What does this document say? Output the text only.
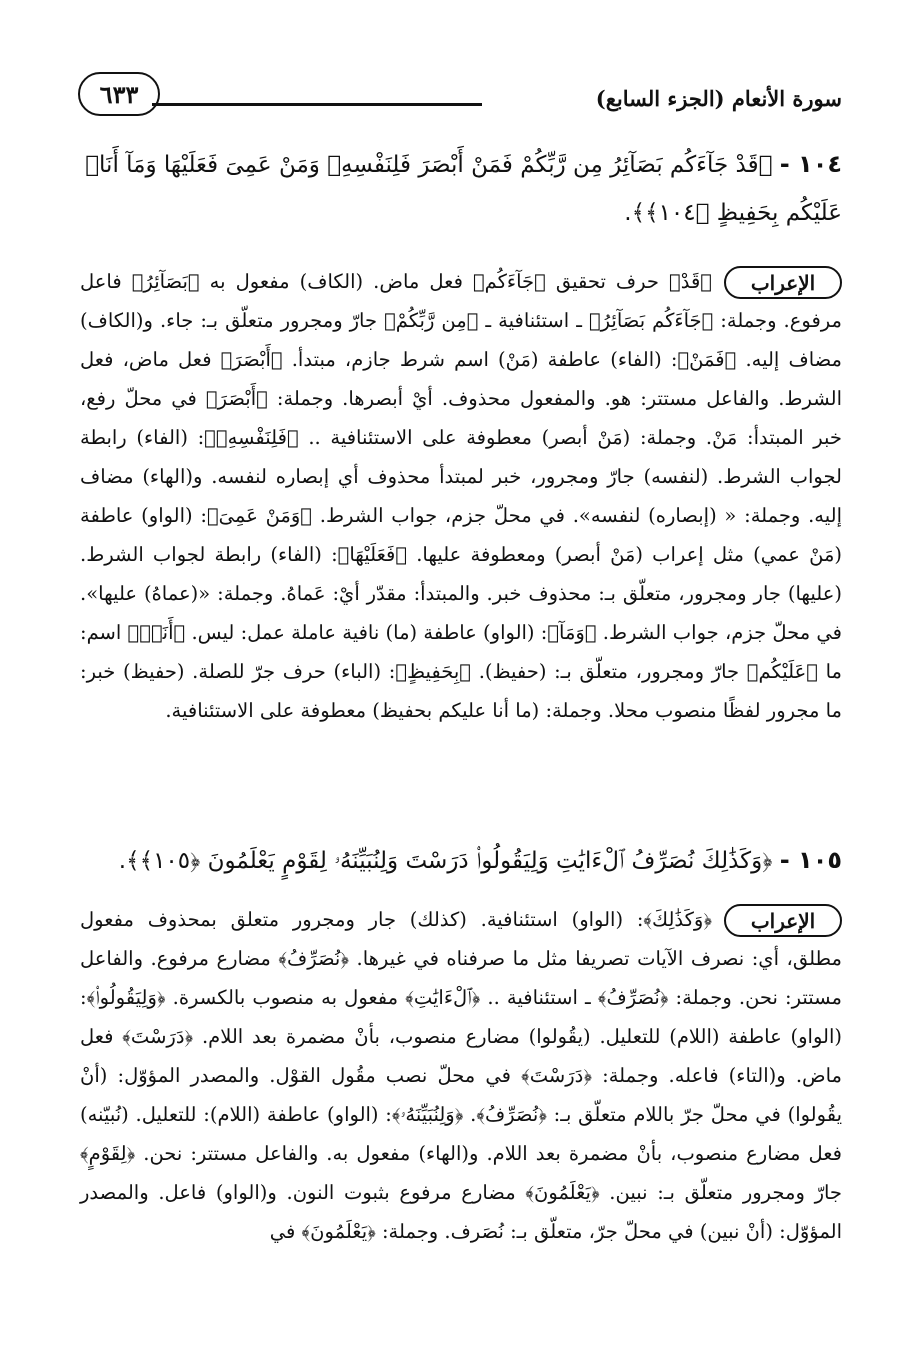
سورة الأنعام (الجزء السابع)
٦٣٣
١٠٤ - ﴿قَدْ جَآءَكُم بَصَآئِرُ مِن رَّبِّكُمْ فَمَنْ أَبْصَرَ فَلِنَفْسِهِۦ وَمَنْ عَمِىَ فَعَلَيْهَا وَمَآ أَنَا۠ عَلَيْكُم بِحَفِيظٍ ﴿١٠٤﴾﴾.
الإعراب
﴿قَدْ﴾ حرف تحقيق ﴿جَآءَكُم﴾ فعل ماض. (الكاف) مفعول به ﴿بَصَآئِرُ﴾ فاعل مرفوع. وجملة: ﴿جَآءَكُم بَصَآئِرُ﴾ ـ استئنافية ـ ﴿مِن رَّبِّكُمْ﴾ جارّ ومجرور متعلّق بـ: جاء. و(الكاف) مضاف إليه. ﴿فَمَنْ﴾: (الفاء) عاطفة (مَنْ) اسم شرط جازم، مبتدأ. ﴿أَبْصَرَ﴾ فعل ماض، فعل الشرط. والفاعل مستتر: هو. والمفعول محذوف. أيْ أبصرها. وجملة: ﴿أَبْصَرَ﴾ في محلّ رفع، خبر المبتدأ: مَنْ. وجملة: (مَنْ أبصر) معطوفة على الاستئنافية .. ﴿فَلِنَفْسِهِۦ﴾: (الفاء) رابطة لجواب الشرط. (لنفسه) جارّ ومجرور، خبر لمبتدأ محذوف أي إبصاره لنفسه. و(الهاء) مضاف إليه. وجملة: « (إبصاره) لنفسه». في محلّ جزم، جواب الشرط. ﴿وَمَنْ عَمِىَ﴾: (الواو) عاطفة (مَنْ عمي) مثل إعراب (مَنْ أبصر) ومعطوفة عليها. ﴿فَعَلَيْهَا﴾: (الفاء) رابطة لجواب الشرط. (عليها) جار ومجرور، متعلّق بـ: محذوف خبر. والمبتدأ: مقدّر أيْ: عَماهُ. وجملة: «(عماهُ) عليها». في محلّ جزم، جواب الشرط. ﴿وَمَآ﴾: (الواو) عاطفة (ما) نافية عاملة عمل: ليس. ﴿أَنَا۠﴾ اسم: ما ﴿عَلَيْكُم﴾ جارّ ومجرور، متعلّق بـ: (حفيظ). ﴿بِحَفِيظٍ﴾: (الباء) حرف جرّ للصلة. (حفيظ) خبر: ما مجرور لفظًا منصوب محلا. وجملة: (ما أنا عليكم بحفيظ) معطوفة على الاستئنافية.
١٠٥ - ﴿وَكَذَٰلِكَ نُصَرِّفُ ٱلْءَايَٰتِ وَلِيَقُولُوا۟ دَرَسْتَ وَلِنُبَيِّنَهُۥ لِقَوْمٍ يَعْلَمُونَ ﴿١٠٥﴾﴾.
الإعراب
﴿وَكَذَٰلِكَ﴾: (الواو) استئنافية. (كذلك) جار ومجرور متعلق بمحذوف مفعول مطلق، أي: نصرف الآيات تصريفا مثل ما صرفناه في غيرها. ﴿نُصَرِّفُ﴾ مضارع مرفوع. والفاعل مستتر: نحن. وجملة: ﴿نُصَرِّفُ﴾ ـ استئنافية .. ﴿ٱلْءَايَٰتِ﴾ مفعول به منصوب بالكسرة. ﴿وَلِيَقُولُوا۟﴾: (الواو) عاطفة (اللام) للتعليل. (يقُولوا) مضارع منصوب، بأنْ مضمرة بعد اللام. ﴿دَرَسْتَ﴾ فعل ماض. و(التاء) فاعله. وجملة: ﴿دَرَسْتَ﴾ في محلّ نصب مقُول القوْل. والمصدر المؤوّل: (أنْ يقُولوا) في محلّ جرّ باللام متعلّق بـ: ﴿نُصَرِّفُ﴾. ﴿وَلِنُبَيِّنَهُۥ﴾: (الواو) عاطفة (اللام): للتعليل. (نُبيّنه) فعل مضارع منصوب، بأنْ مضمرة بعد اللام. و(الهاء) مفعول به. والفاعل مستتر: نحن. ﴿لِقَوْمٍ﴾ جارّ ومجرور متعلّق بـ: نبين. ﴿يَعْلَمُونَ﴾ مضارع مرفوع بثبوت النون. و(الواو) فاعل. والمصدر المؤوّل: (أنْ نبين) في محلّ جرّ، متعلّق بـ: نُصَرف. وجملة: ﴿يَعْلَمُونَ﴾ في
